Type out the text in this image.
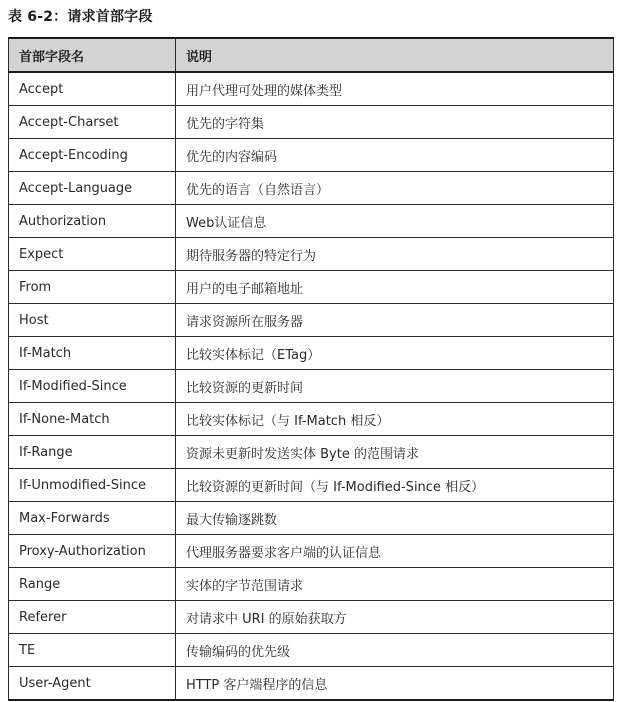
表 6-2：请求首部字段
首部字段名	说明
Accept	用户代理可处理的媒体类型
Accept-Charset	优先的字符集
Accept-Encoding	优先的内容编码
Accept-Language	优先的语言（自然语言）
Authorization	Web认证信息
Expect	期待服务器的特定行为
From	用户的电子邮箱地址
Host	请求资源所在服务器
If-Match	比较实体标记（ETag）
If-Modified-Since	比较资源的更新时间
If-None-Match	比较实体标记（与 If-Match 相反）
If-Range	资源未更新时发送实体 Byte 的范围请求
If-Unmodified-Since	比较资源的更新时间（与 If-Modified-Since 相反）
Max-Forwards	最大传输逐跳数
Proxy-Authorization	代理服务器要求客户端的认证信息
Range	实体的字节范围请求
Referer	对请求中 URI 的原始获取方
TE	传输编码的优先级
User-Agent	HTTP 客户端程序的信息
